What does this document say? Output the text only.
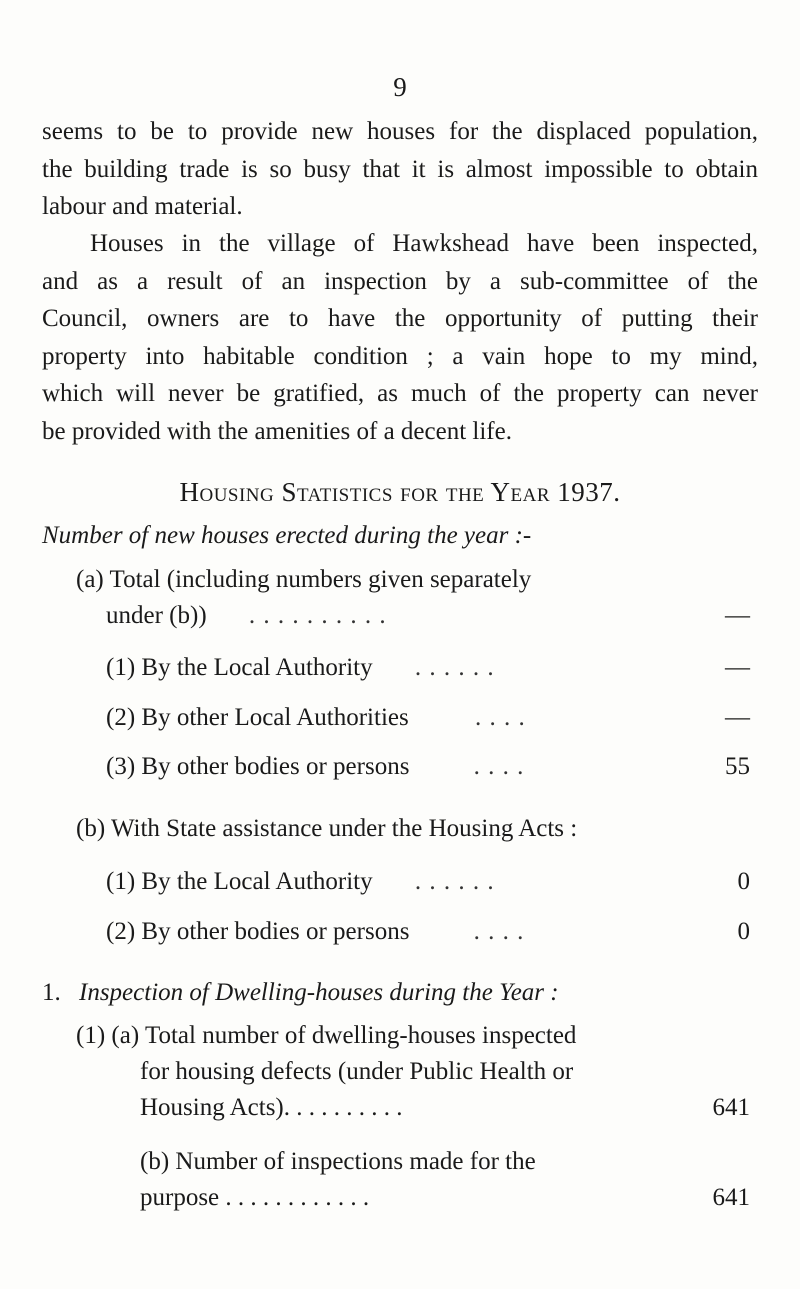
9
seems to be to provide new houses for the displaced population,
the building trade is so busy that it is almost impossible to obtain
labour and material.
Houses in the village of Hawkshead have been inspected,
and as a result of an inspection by a sub-committee of the
Council, owners are to have the opportunity of putting their
property into habitable condition ; a vain hope to my mind,
which will never be gratified, as much of the property can never
be provided with the amenities of a decent life.
Housing Statistics for the Year 1937.
Number of new houses erected during the year :-
(a) Total (including numbers given separately
under (b)) . . . . . . . . . .	—
(1) By the Local Authority . . . . . .	—
(2) By other Local Authorities	. . . .	—
(3) By other bodies or persons	. . . .	55
(b) With State assistance under the Housing Acts :
(1) By the Local Authority . . . . . .	0
(2) By other bodies or persons	. . . .	0
1. Inspection of Dwelling-houses during the Year :
(1) (a) Total number of dwelling-houses inspected
for housing defects (under Public Health or
Housing Acts). . . . . . . . . .	641
(b) Number of inspections made for the
purpose . . . . . . . . . . . .	641
